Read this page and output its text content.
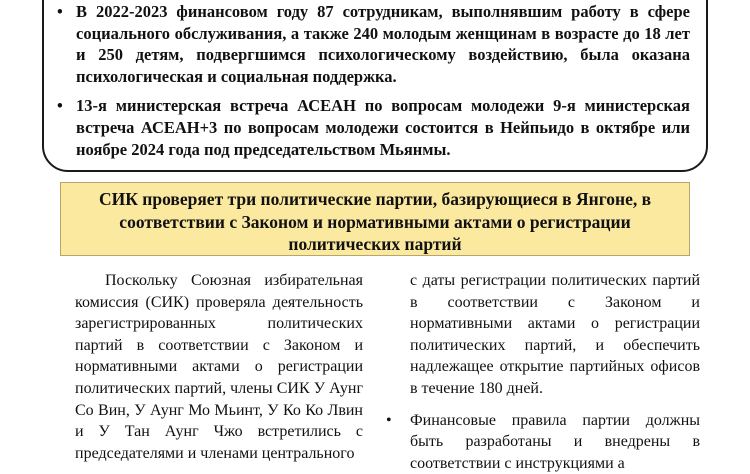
• В 2022-2023 финансовом году 87 сотрудникам, выполнявшим работу в сфере социального обслуживания, а также 240 молодым женщинам в возрасте до 18 лет и 250 детям, подвергшимся психологическому воздействию, была оказана психологическая и социальная поддержка.
• 13-я министерская встреча АСЕАН по вопросам молодежи 9-я министерская встреча АСЕАН+3 по вопросам молодежи состоится в Нейпьидо в октябре или ноябре 2024 года под председательством Мьянмы.
СИК проверяет три политические партии, базирующиеся в Янгоне, в соответствии с Законом и нормативными актами о регистрации политических партий

Поскольку Союзная избирательная комиссия (СИК) проверяла деятельность зарегистрированных политических партий в соответствии с Законом и нормативными актами о регистрации политических партий, члены СИК У Аунг Со Вин, У Аунг Мо Мьинт, У Ко Ко Лвин и У Тан Аунг Чжо встретились с председателями и членами центрального

с даты регистрации политических партий в соответствии с Законом и нормативными актами о регистрации политических партий, и обеспечить надлежащее открытие партийных офисов в течение 180 дней.

• Финансовые правила партии должны быть разработаны и внедрены в соответствии с инструкциями а
